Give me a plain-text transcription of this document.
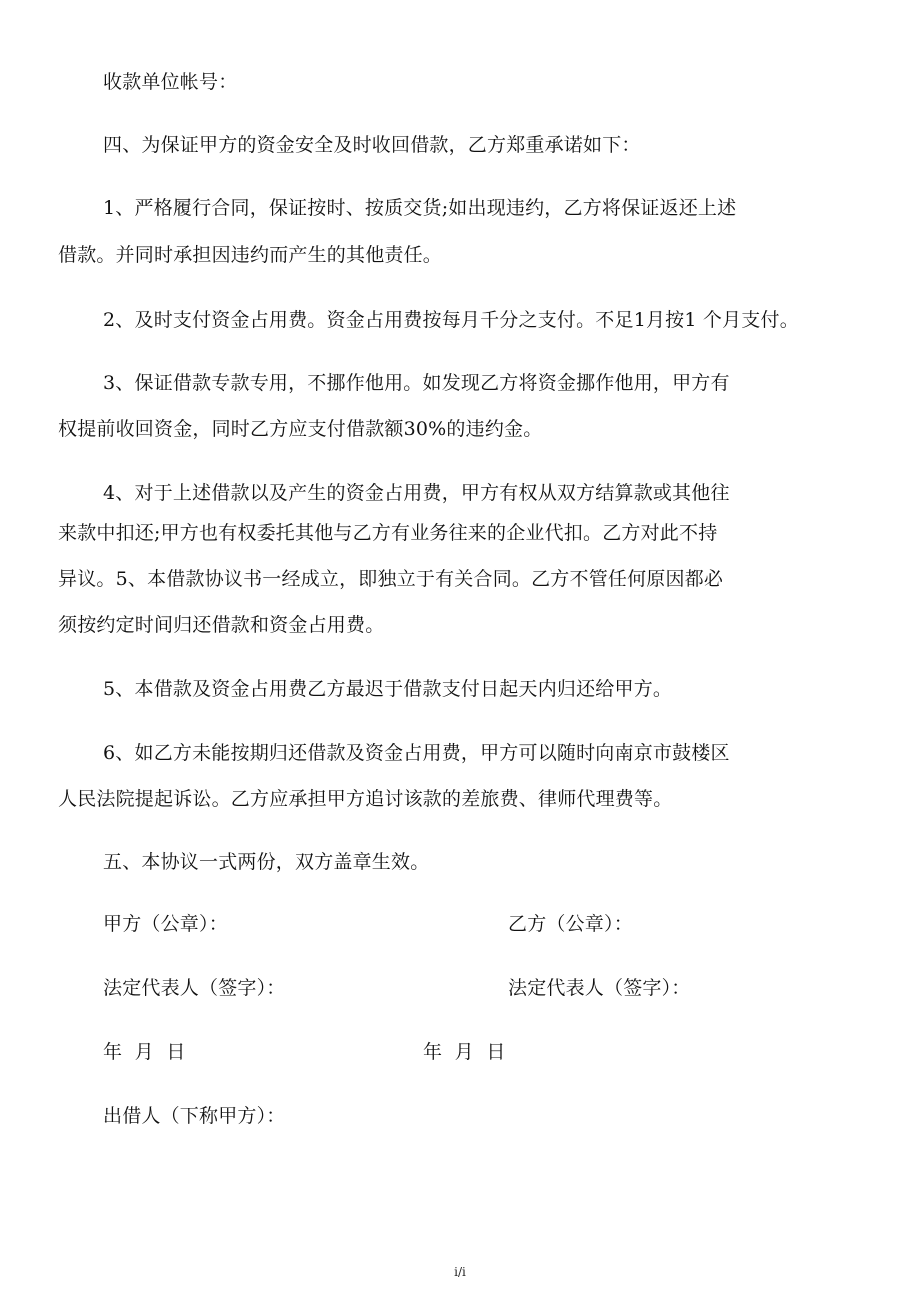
收款单位帐号：
四、为保证甲方的资金安全及时收回借款，乙方郑重承诺如下：
1、严格履行合同，保证按时、按质交货;如出现违约，乙方将保证返还上述
借款。并同时承担因违约而产生的其他责任。
2、及时支付资金占用费。资金占用费按每月千分之支付。不足1月按1 个月支付。
3、保证借款专款专用，不挪作他用。如发现乙方将资金挪作他用，甲方有
权提前收回资金，同时乙方应支付借款额30%的违约金。
4、对于上述借款以及产生的资金占用费，甲方有权从双方结算款或其他往
来款中扣还;甲方也有权委托其他与乙方有业务往来的企业代扣。乙方对此不持
异议。5、本借款协议书一经成立，即独立于有关合同。乙方不管任何原因都必
须按约定时间归还借款和资金占用费。
5、本借款及资金占用费乙方最迟于借款支付日起天内归还给甲方。
6、如乙方未能按期归还借款及资金占用费，甲方可以随时向南京市鼓楼区
人民法院提起诉讼。乙方应承担甲方追讨该款的差旅费、律师代理费等。
五、本协议一式两份，双方盖章生效。
甲方（公章）：	乙方（公章）：
法定代表人（签字）：	法定代表人（签字）：
年  月  日	年  月  日
出借人（下称甲方）：
i/i
